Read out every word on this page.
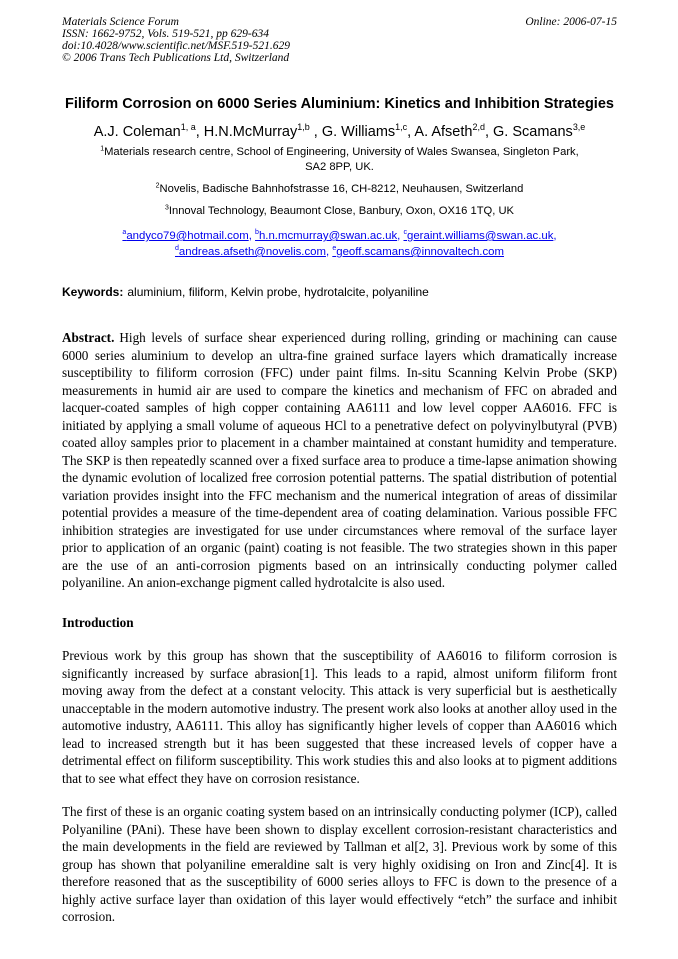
Materials Science Forum
ISSN: 1662-9752, Vols. 519-521, pp 629-634
doi:10.4028/www.scientific.net/MSF.519-521.629
© 2006 Trans Tech Publications Ltd, Switzerland
Online: 2006-07-15
Filiform Corrosion on 6000 Series Aluminium: Kinetics and Inhibition Strategies
A.J. Coleman$^{1, a}$, H.N.McMurray$^{1,b}$ , G. Williams$^{1,c}$, A. Afseth$^{2,d}$, G. Scamans$^{3,e}$
$^1$Materials research centre, School of Engineering, University of Wales Swansea, Singleton Park, SA2 8PP, UK.
$^2$Novelis, Badische Bahnhofstrasse 16, CH-8212, Neuhausen, Switzerland
$^3$Innoval Technology, Beaumont Close, Banbury, Oxon, OX16 1TQ, UK
$^a$andyco79@hotmail.com, $^b$h.n.mcmurray@swan.ac.uk, $^c$geraint.williams@swan.ac.uk,
$^d$andreas.afseth@novelis.com, $^e$geoff.scamans@innovaltech.com
Keywords: aluminium, filiform, Kelvin probe, hydrotalcite, polyaniline

Abstract. High levels of surface shear experienced during rolling, grinding or machining can cause 6000 series aluminium to develop an ultra-fine grained surface layers which dramatically increase susceptibility to filiform corrosion (FFC) under paint films. In-situ Scanning Kelvin Probe (SKP) measurements in humid air are used to compare the kinetics and mechanism of FFC on abraded and lacquer-coated samples of high copper containing AA6111 and low level copper AA6016. FFC is initiated by applying a small volume of aqueous HCl to a penetrative defect on polyvinylbutyral (PVB) coated alloy samples prior to placement in a chamber maintained at constant humidity and temperature. The SKP is then repeatedly scanned over a fixed surface area to produce a time-lapse animation showing the dynamic evolution of localized free corrosion potential patterns. The spatial distribution of potential variation provides insight into the FFC mechanism and the numerical integration of areas of dissimilar potential provides a measure of the time-dependent area of coating delamination. Various possible FFC inhibition strategies are investigated for use under circumstances where removal of the surface layer prior to application of an organic (paint) coating is not feasible. The two strategies shown in this paper are the use of an anti-corrosion pigments based on an intrinsically conducting polymer called polyaniline. An anion-exchange pigment called hydrotalcite is also used.

Introduction

Previous work by this group has shown that the susceptibility of AA6016 to filiform corrosion is significantly increased by surface abrasion[1]. This leads to a rapid, almost uniform filiform front moving away from the defect at a constant velocity. This attack is very superficial but is aesthetically unacceptable in the modern automotive industry. The present work also looks at another alloy used in the automotive industry, AA6111. This alloy has significantly higher levels of copper than AA6016 which lead to increased strength but it has been suggested that these increased levels of copper have a detrimental effect on filiform susceptibility. This work studies this and also looks at to pigment additions that to see what effect they have on corrosion resistance.

The first of these is an organic coating system based on an intrinsically conducting polymer (ICP), called Polyaniline (PAni). These have been shown to display excellent corrosion-resistant characteristics and the main developments in the field are reviewed by Tallman et al[2, 3]. Previous work by some of this group has shown that polyaniline emeraldine salt is very highly oxidising on Iron and Zinc[4]. It is therefore reasoned that as the susceptibility of 6000 series alloys to FFC is down to the presence of a highly active surface layer than oxidation of this layer would effectively “etch” the surface and inhibit corrosion.
